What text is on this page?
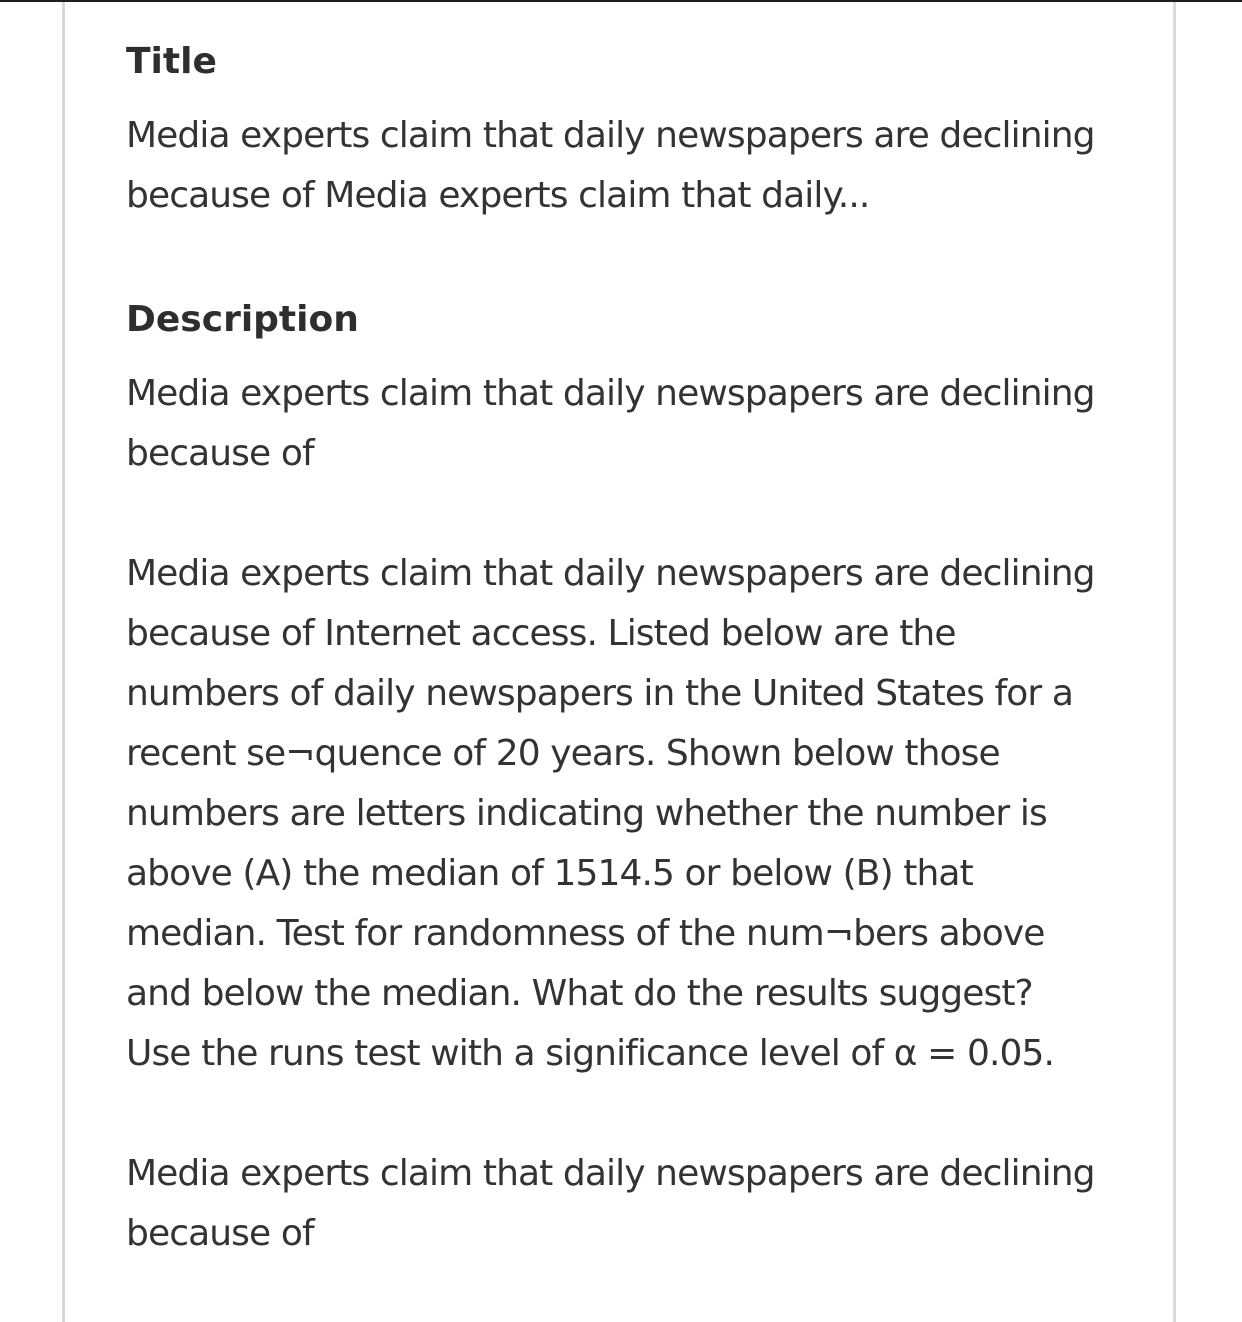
Title

Media experts claim that daily newspapers are declining
because of Media experts claim that daily...

Description

Media experts claim that daily newspapers are declining
because of

Media experts claim that daily newspapers are declining
because of Internet access. Listed below are the
numbers of daily newspapers in the United States for a
recent se¬quence of 20 years. Shown below those
numbers are letters indicating whether the number is
above (A) the median of 1514.5 or below (B) that
median. Test for randomness of the num¬bers above
and below the median. What do the results suggest?
Use the runs test with a significance level of α = 0.05.

Media experts claim that daily newspapers are declining
because of
